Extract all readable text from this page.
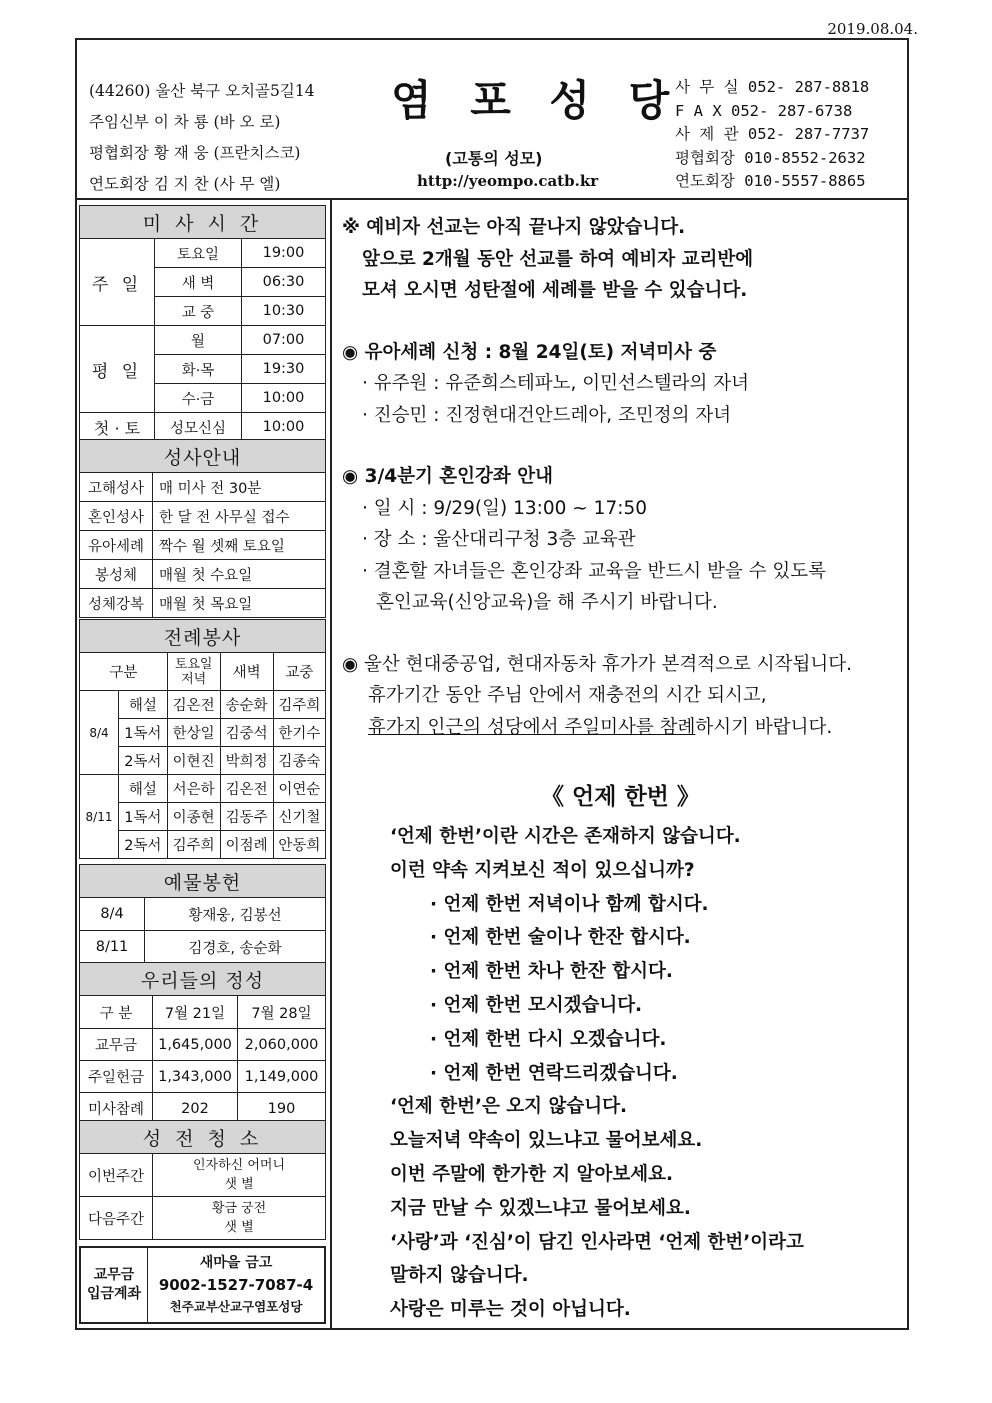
2019.08.04.
(44260) 울산 북구 오치골5길14
주임신부 이 차 룡 (바 오 로)
평협회장 황 재 웅 (프란치스코)
연도회장 김 지 찬 (사 무 엘)
염 포 성 당
(고통의 성모)
http://yeompo.catb.kr
사 무 실 052- 287-8818
F A X 052- 287-6738
사 제 관 052- 287-7737
평협회장 010-8552-2632
연도회장 010-5557-8865
미 사 시 간		
주 일	토요일	19:00
	새 벽	06:30
	교 중	10:30
평 일	월	07:00
	화·목	19:30
	수·금	10:00
첫 · 토	성모신심	10:00
성사안내	
고해성사	매 미사 전 30분
혼인성사	한 달 전 사무실 접수
유아세례	짝수 월 셋째 토요일
봉성체	매월 첫 수요일
성체강복	매월 첫 목요일
전례봉사				
구분		토요일 저녁	새벽	교중
8/4	해설	김온전	송순화	김주희
	1독서	한상일	김중석	한기수
	2독서	이현진	박희정	김종숙
8/11	해설	서은하	김온전	이연순
	1독서	이종현	김동주	신기철
	2독서	김주희	이점례	안동희
예물봉헌	
8/4	황재웅, 김봉선
8/11	김경호, 송순화
우리들의 정성		
구 분	7월 21일	7월 28일
교무금	1,645,000	2,060,000
주일헌금	1,343,000	1,149,000
미사참례	202	190
성 전 청 소	
이번주간	인자하신 어머니
샛 별

다음주간	황금 궁전
샛 별
교무금
입금계좌

새마을 금고
9002-1527-7087-4
천주교부산교구염포성당

※ 예비자 선교는 아직 끝나지 않았습니다.

앞으로 2개월 동안 선교를 하여 예비자 교리반에

모셔 오시면 성탄절에 세례를 받을 수 있습니다.

◉ 유아세례 신청 : 8월 24일(토) 저녁미사 중

· 유주원 : 유준희스테파노, 이민선스텔라의 자녀

· 진승민 : 진정현대건안드레아, 조민정의 자녀

◉ 3/4분기 혼인강좌 안내

· 일 시 : 9/29(일) 13:00 ~ 17:50

· 장 소 : 울산대리구청 3층 교육관

· 결혼할 자녀들은 혼인강좌 교육을 반드시 받을 수 있도록

혼인교육(신앙교육)을 해 주시기 바랍니다.

◉ 울산 현대중공업, 현대자동차 휴가가 본격적으로 시작됩니다.

휴가기간 동안 주님 안에서 재충전의 시간 되시고,

휴가지 인근의 성당에서 주일미사를 참례하시기 바랍니다.

《 언제 한번 》

‘언제 한번’이란 시간은 존재하지 않습니다.

이런 약속 지켜보신 적이 있으십니까?

· 언제 한번 저녁이나 함께 합시다.

· 언제 한번 술이나 한잔 합시다.

· 언제 한번 차나 한잔 합시다.

· 언제 한번 모시겠습니다.

· 언제 한번 다시 오겠습니다.

· 언제 한번 연락드리겠습니다.

‘언제 한번’은 오지 않습니다.

오늘저녁 약속이 있느냐고 물어보세요.

이번 주말에 한가한 지 알아보세요.

지금 만날 수 있겠느냐고 물어보세요.

‘사랑’과 ‘진심’이 담긴 인사라면 ‘언제 한번’이라고

말하지 않습니다.

사랑은 미루는 것이 아닙니다.
